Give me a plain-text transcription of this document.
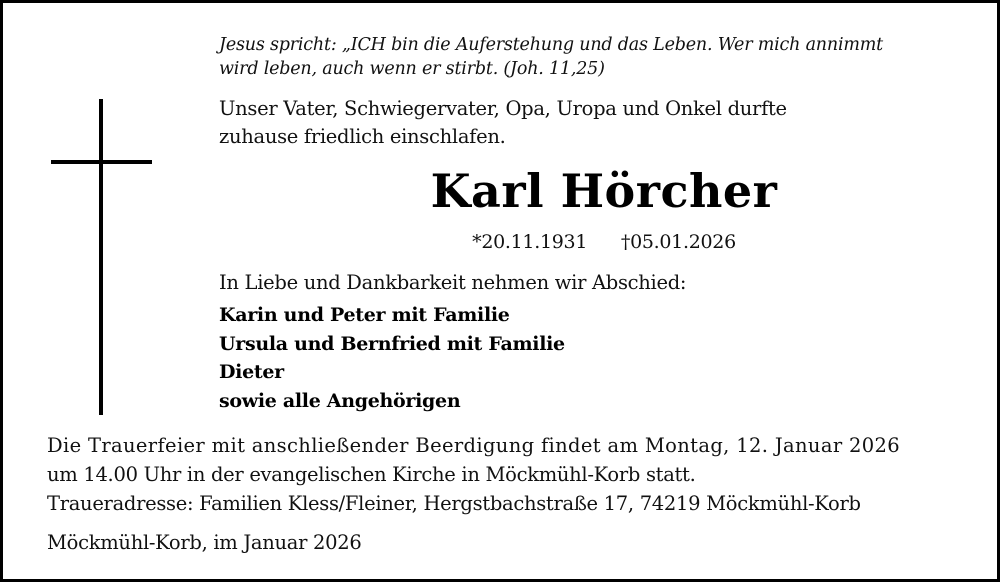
Jesus spricht: „ICH bin die Auferstehung und das Leben. Wer mich annimmt
wird leben, auch wenn er stirbt. (Joh. 11,25)
Unser Vater, Schwiegervater, Opa, Uropa und Onkel durfte
zuhause friedlich einschlafen.
Karl Hörcher
*20.11.1931 †05.01.2026
In Liebe und Dankbarkeit nehmen wir Abschied:
Karin und Peter mit Familie
Ursula und Bernfried mit Familie
Dieter
sowie alle Angehörigen
Die Trauerfeier mit anschließender Beerdigung findet am Montag, 12. Januar 2026
um 14.00 Uhr in der evangelischen Kirche in Möckmühl-Korb statt.
Traueradresse: Familien Kless/Fleiner, Hergstbachstraße 17, 74219 Möckmühl-Korb
Möckmühl-Korb, im Januar 2026
